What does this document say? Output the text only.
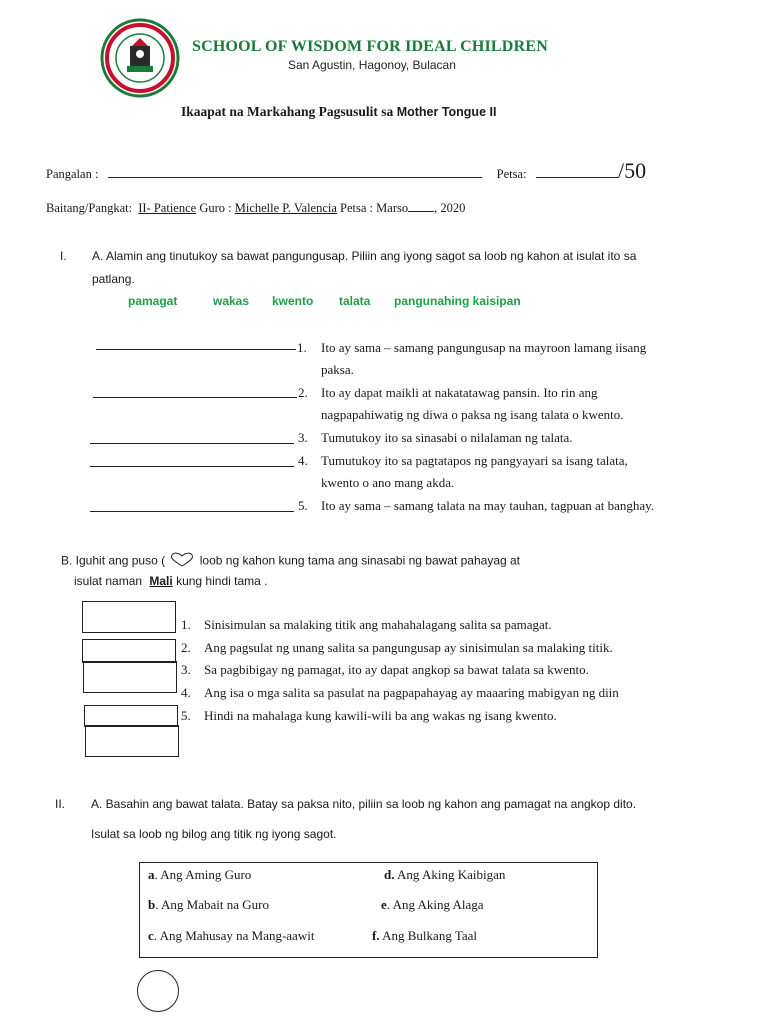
SCHOOL OF WISDOM FOR IDEAL CHILDREN
San Agustin, Hagonoy, Bulacan
Ikaapat na Markahang Pagsusulit sa Mother Tongue II
Pangalan :	Petsa:	/50
Baitang/Pangkat: II- Patience Guro : Michelle P. Valencia Petsa : Marso , 2020
I. A. Alamin ang tinutukoy sa bawat pangungusap. Piliin ang iyong sagot sa loob ng kahon at isulat ito sa
patlang.
pamagat	wakas kwento talata pangunahing kaisipan
1. Ito ay sama – samang pangungusap na mayroon lamang iisang
paksa.
2. Ito ay dapat maikli at nakatatawag pansin. Ito rin ang
nagpapahiwatig ng diwa o paksa ng isang talata o kwento.
3. Tumutukoy ito sa sinasabi o nilalaman ng talata.
4. Tumutukoy ito sa pagtatapos ng pangyayari sa isang talata,
kwento o ano mang akda.
5. Ito ay sama – samang talata na may tauhan, tagpuan at banghay.
B. Iguhit ang puso (	loob ng kahon kung tama ang sinasabi ng bawat pahayag at
isulat naman Mali kung hindi tama .
1. Sinisimulan sa malaking titik ang mahahalagang salita sa pamagat.
2. Ang pagsulat ng unang salita sa pangungusap ay sinisimulan sa malaking titik.
3. Sa pagbibigay ng pamagat, ito ay dapat angkop sa bawat talata sa kwento.
4. Ang isa o mga salita sa pasulat na pagpapahayag ay maaaring mabigyan ng diin
5. Hindi na mahalaga kung kawili-wili ba ang wakas ng isang kwento.
II. A. Basahin ang bawat talata. Batay sa paksa nito, piliin sa loob ng kahon ang pamagat na angkop dito.
Isulat sa loob ng bilog ang titik ng iyong sagot.
a. Ang Aming Guro	d. Ang Aking Kaibigan
b. Ang Mabait na Guro	e. Ang Aking Alaga
c. Ang Mahusay na Mang-aawit	f. Ang Bulkang Taal
